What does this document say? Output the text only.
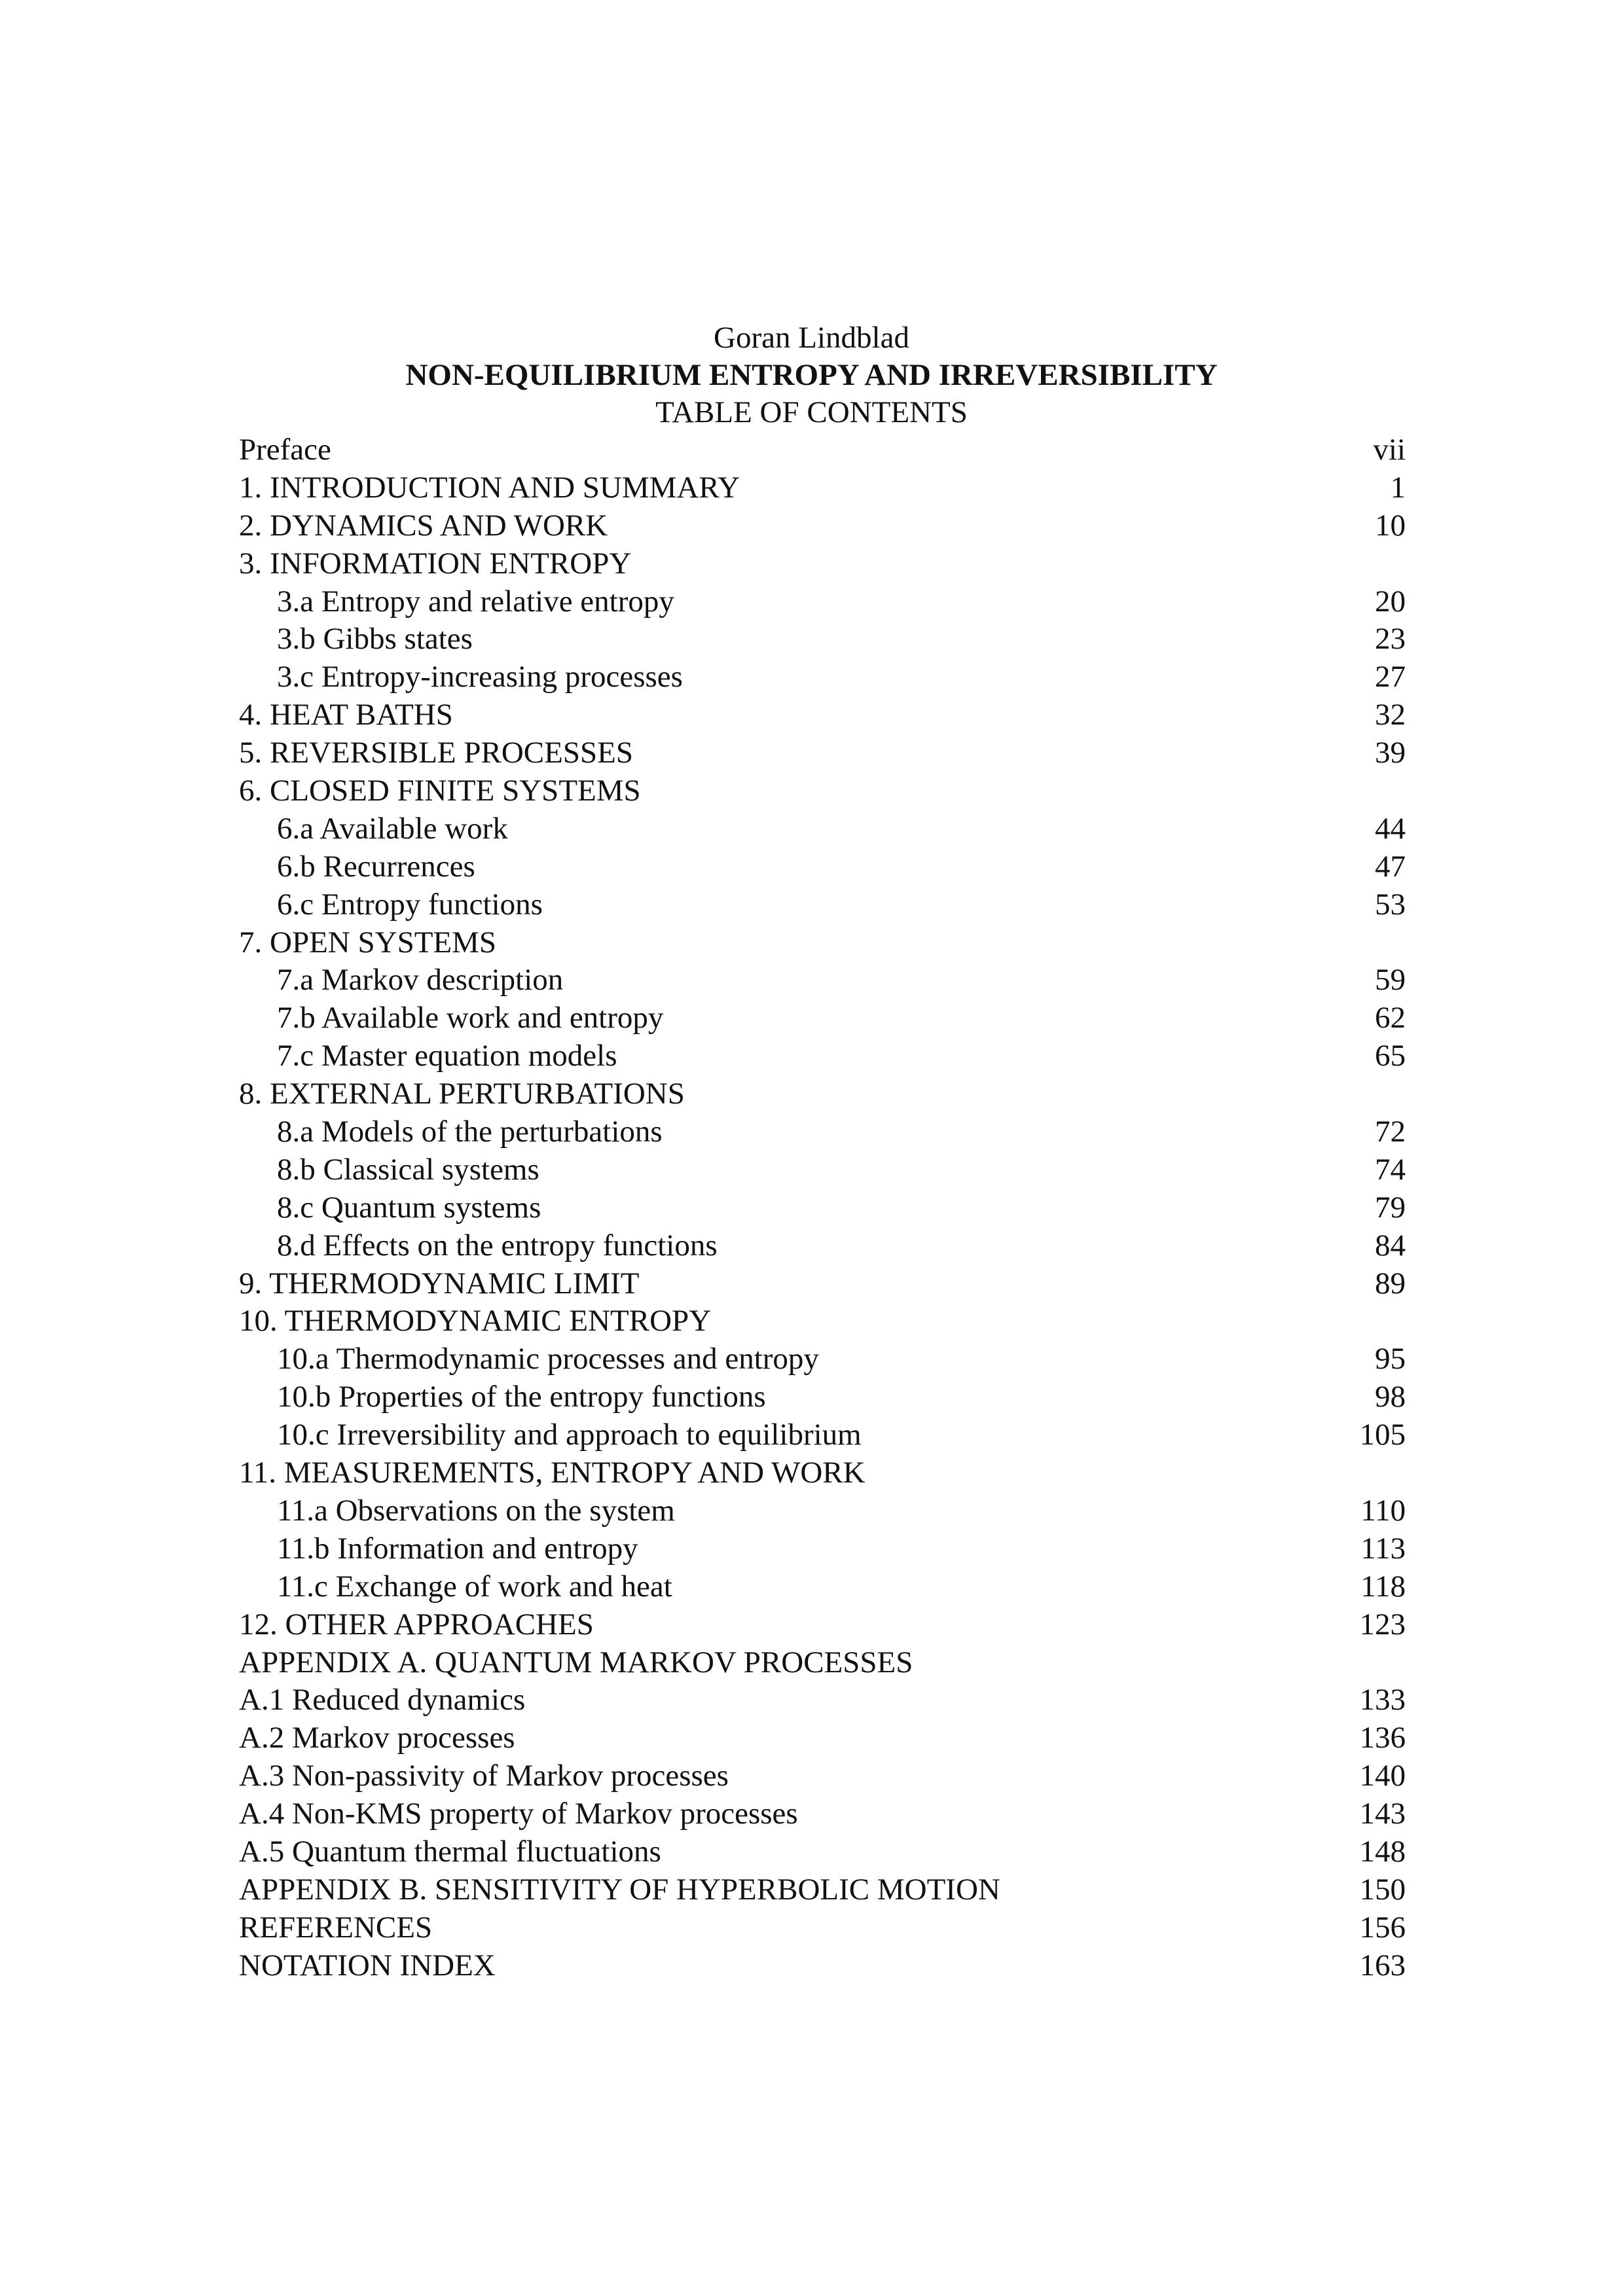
Goran Lindblad
NON-EQUILIBRIUM ENTROPY AND IRREVERSIBILITY
TABLE OF CONTENTS
Preface	vii
1. INTRODUCTION AND SUMMARY	1
2. DYNAMICS AND WORK	10
3. INFORMATION ENTROPY
3.a Entropy and relative entropy	20
3.b Gibbs states	23
3.c Entropy-increasing processes	27
4. HEAT BATHS	32
5. REVERSIBLE PROCESSES	39
6. CLOSED FINITE SYSTEMS
6.a Available work	44
6.b Recurrences	47
6.c Entropy functions	53
7. OPEN SYSTEMS
7.a Markov description	59
7.b Available work and entropy	62
7.c Master equation models	65
8. EXTERNAL PERTURBATIONS
8.a Models of the perturbations	72
8.b Classical systems	74
8.c Quantum systems	79
8.d Effects on the entropy functions	84
9. THERMODYNAMIC LIMIT	89
10. THERMODYNAMIC ENTROPY
10.a Thermodynamic processes and entropy	95
10.b Properties of the entropy functions	98
10.c Irreversibility and approach to equilibrium	105
11. MEASUREMENTS, ENTROPY AND WORK
11.a Observations on the system	110
11.b Information and entropy	113
11.c Exchange of work and heat	118
12. OTHER APPROACHES	123
APPENDIX A. QUANTUM MARKOV PROCESSES
A.1 Reduced dynamics	133
A.2 Markov processes	136
A.3 Non-passivity of Markov processes	140
A.4 Non-KMS property of Markov processes	143
A.5 Quantum thermal fluctuations	148
APPENDIX B. SENSITIVITY OF HYPERBOLIC MOTION	150
REFERENCES	156
NOTATION INDEX	163
